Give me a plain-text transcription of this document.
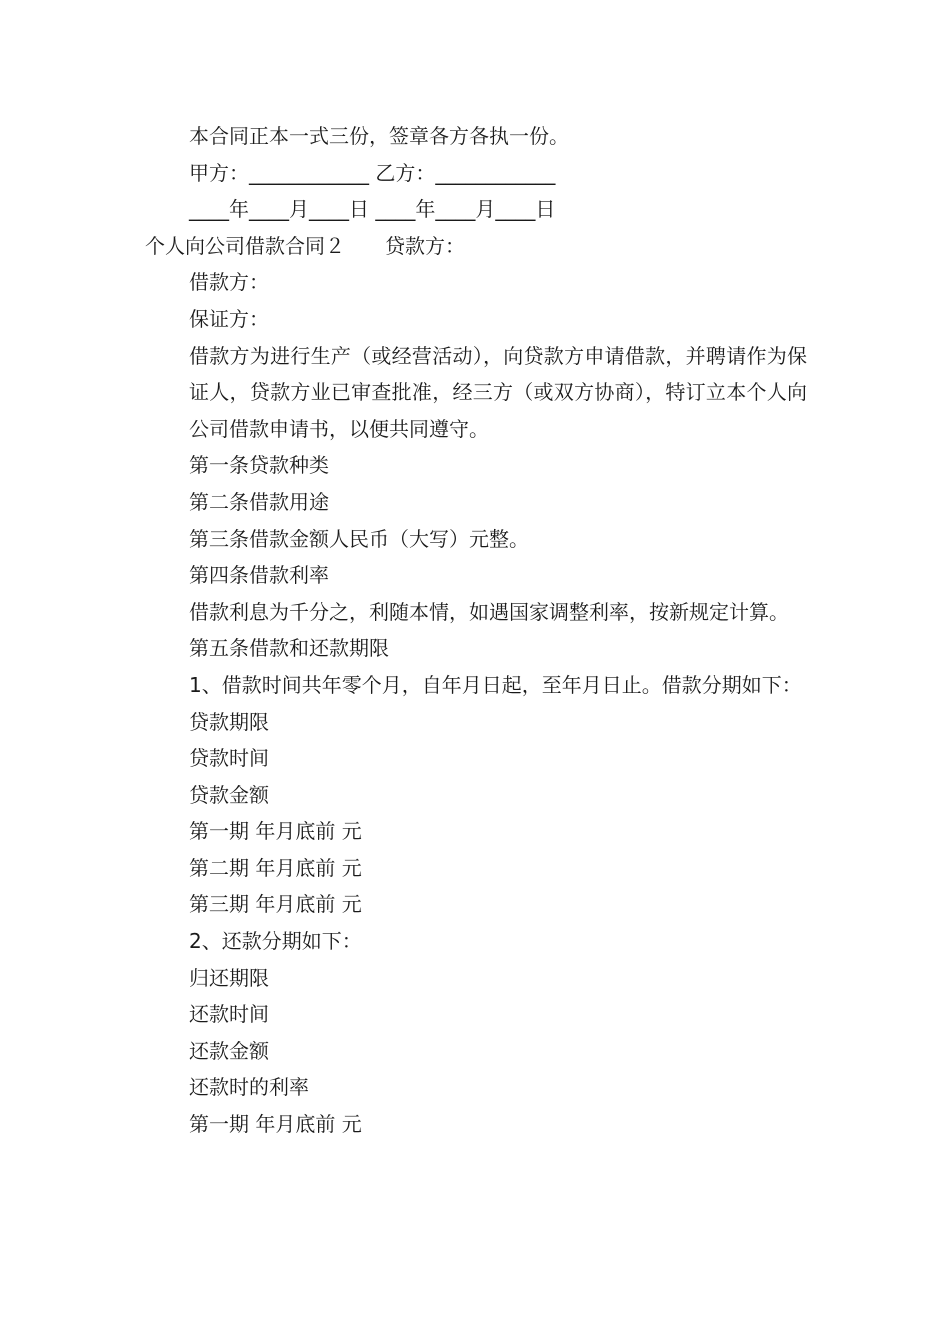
本合同正本一式三份，签章各方各执一份。

甲方：____________ 乙方：____________

____年____月____日 ____年____月____日

个人向公司借款合同２ 贷款方：

借款方：

保证方：

借款方为进行生产（或经营活动），向贷款方申请借款，并聘请作为保证人，贷款方业已审查批准，经三方（或双方协商），特订立本个人向公司借款申请书，以便共同遵守。

第一条贷款种类

第二条借款用途

第三条借款金额人民币（大写）元整。

第四条借款利率

借款利息为千分之，利随本情，如遇国家调整利率，按新规定计算。

第五条借款和还款期限

1、借款时间共年零个月，自年月日起，至年月日止。借款分期如下：

贷款期限

贷款时间

贷款金额

第一期 年月底前 元

第二期 年月底前 元

第三期 年月底前 元

2、还款分期如下：

归还期限

还款时间

还款金额

还款时的利率

第一期 年月底前 元
